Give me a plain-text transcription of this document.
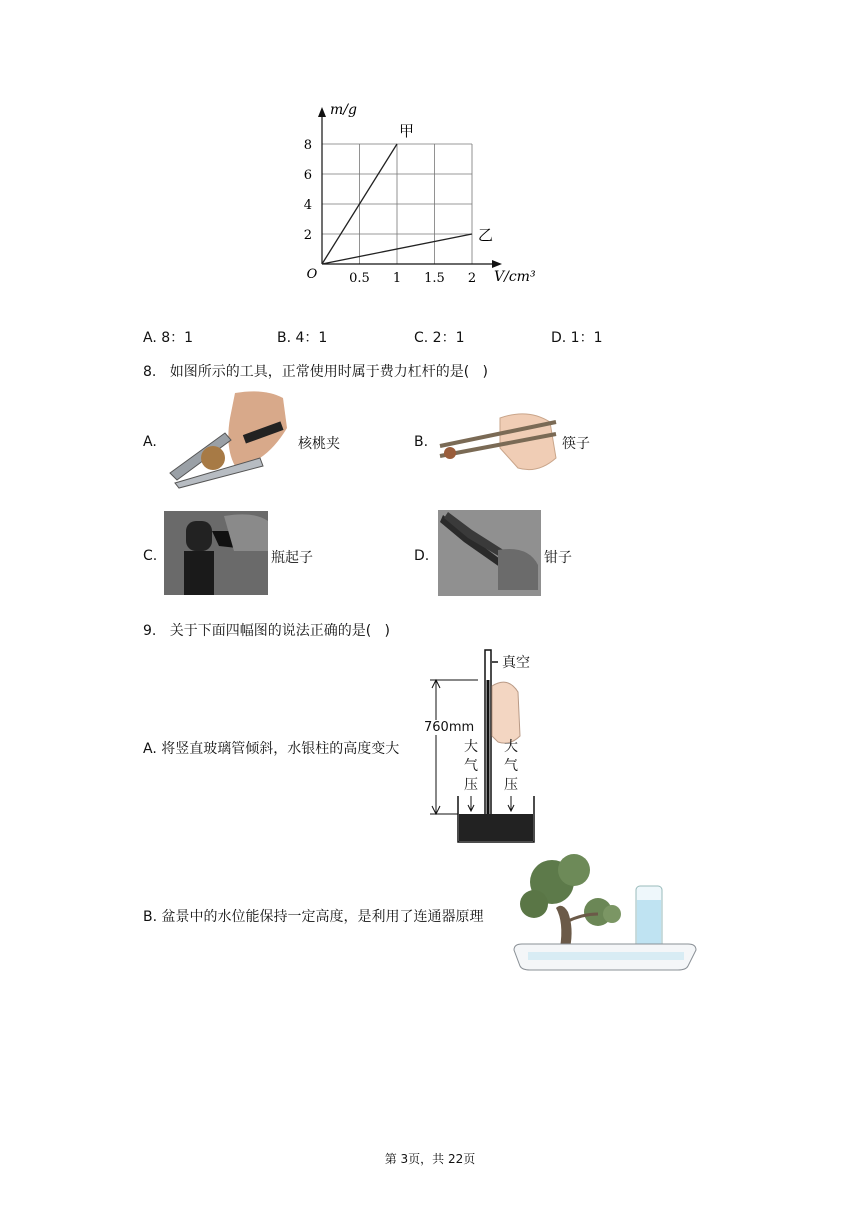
0.5 1 1.5 2
2
4
6
8
O
m/g
V/cm³
甲
乙
A. 8：1	B. 4：1	C. 2：1	D. 1：1
8.   如图所示的工具，正常使用时属于费力杠杆的是(   )
A.	核桃夹	B.	筷子
C.	瓶起子	D.	钳子
9.   关于下面四幅图的说法正确的是(   )
A. 将竖直玻璃管倾斜，水银柱的高度变大
真空
760mm
大
气
压
大
气
压
B. 盆景中的水位能保持一定高度，是利用了连通器原理
第 3页，共 22页
